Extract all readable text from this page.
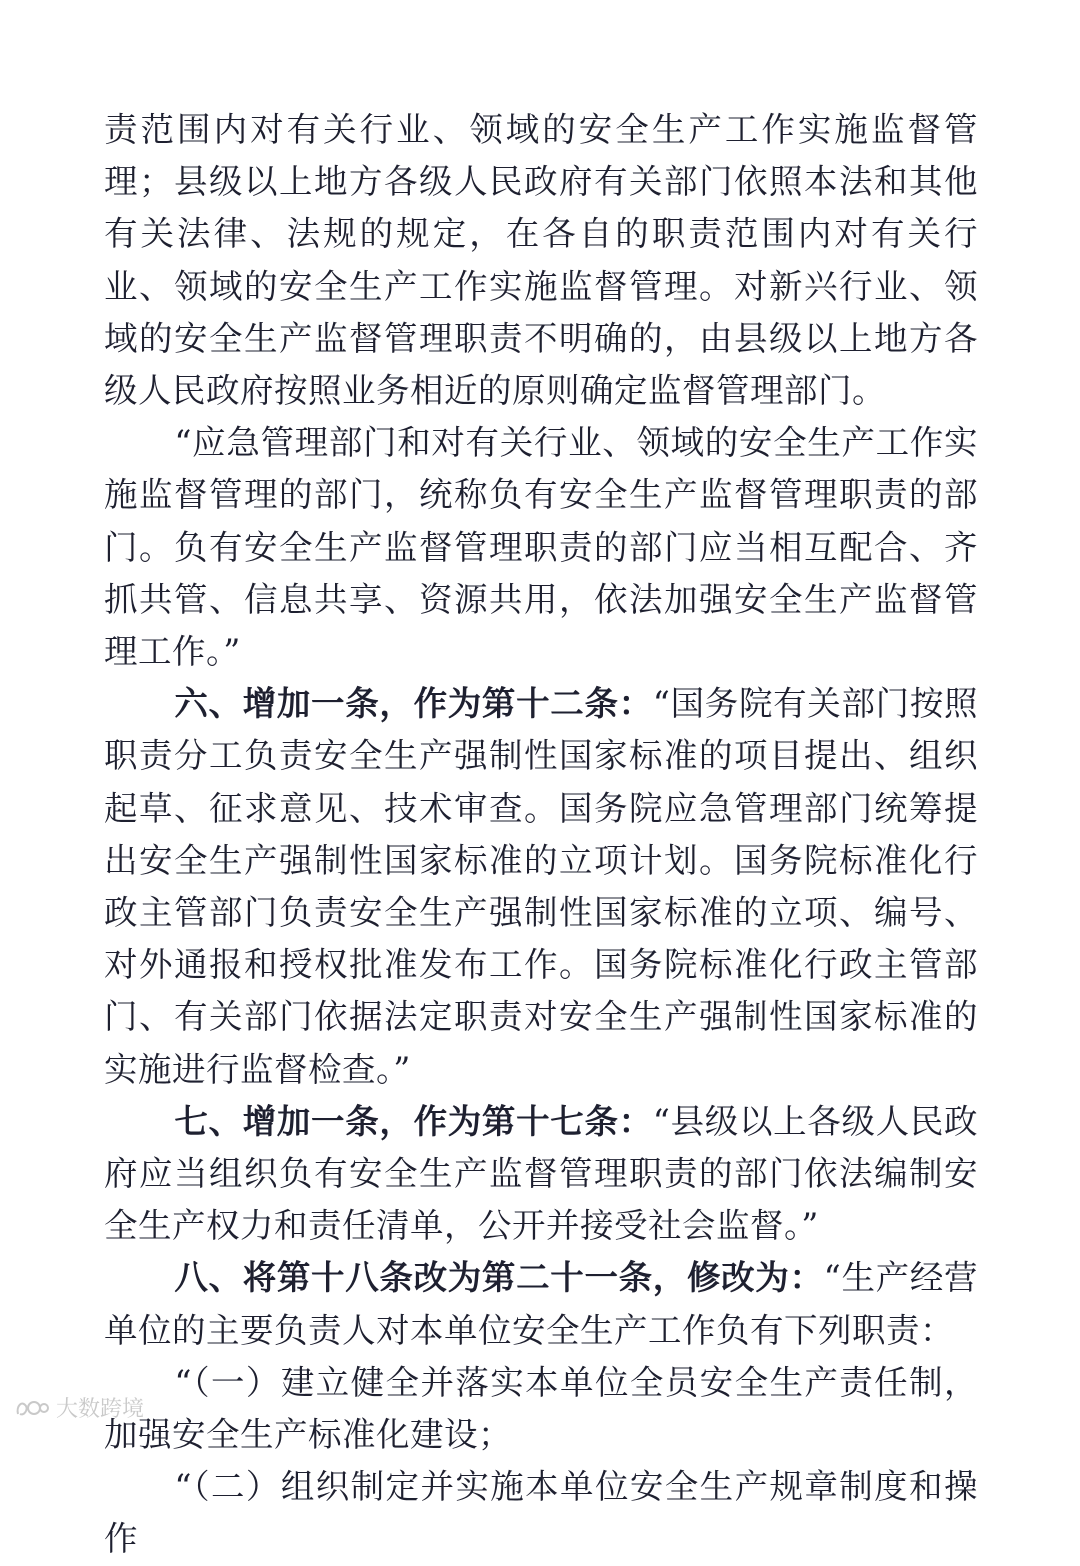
责范围内对有关行业、领域的安全生产工作实施监督管理；县级以上地方各级人民政府有关部门依照本法和其他有关法律、法规的规定，在各自的职责范围内对有关行业、领域的安全生产工作实施监督管理。对新兴行业、领域的安全生产监督管理职责不明确的，由县级以上地方各级人民政府按照业务相近的原则确定监督管理部门。

“应急管理部门和对有关行业、领域的安全生产工作实施监督管理的部门，统称负有安全生产监督管理职责的部门。负有安全生产监督管理职责的部门应当相互配合、齐抓共管、信息共享、资源共用，依法加强安全生产监督管理工作。”

六、增加一条，作为第十二条：“国务院有关部门按照职责分工负责安全生产强制性国家标准的项目提出、组织起草、征求意见、技术审查。国务院应急管理部门统筹提出安全生产强制性国家标准的立项计划。国务院标准化行政主管部门负责安全生产强制性国家标准的立项、编号、对外通报和授权批准发布工作。国务院标准化行政主管部门、有关部门依据法定职责对安全生产强制性国家标准的实施进行监督检查。”

七、增加一条，作为第十七条：“县级以上各级人民政府应当组织负有安全生产监督管理职责的部门依法编制安全生产权力和责任清单，公开并接受社会监督。”

八、将第十八条改为第二十一条，修改为：“生产经营单位的主要负责人对本单位安全生产工作负有下列职责：

“（一）建立健全并落实本单位全员安全生产责任制，加强安全生产标准化建设；

“（二）组织制定并实施本单位安全生产规章制度和操作

大数跨境
